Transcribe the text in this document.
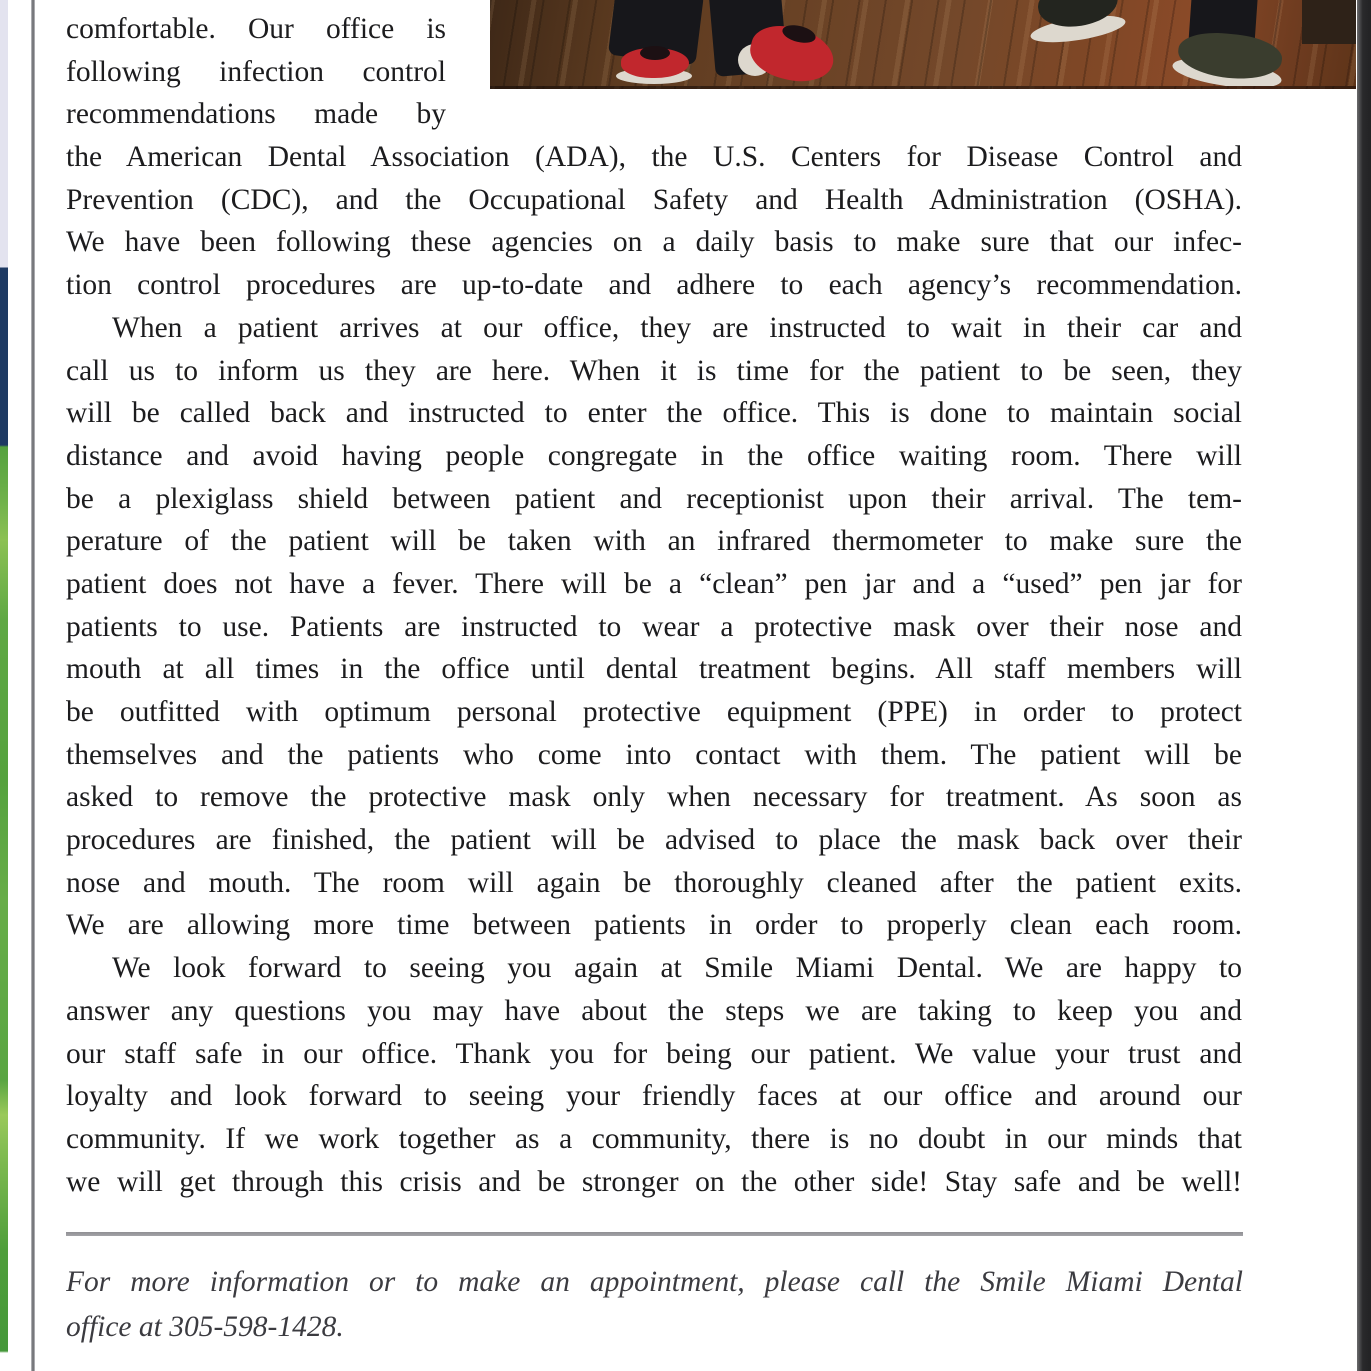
comfortable. Our office is
following infection control
recommendations made by
the American Dental Association (ADA), the U.S. Centers for Disease Control and
Prevention (CDC), and the Occupational Safety and Health Administration (OSHA).
We have been following these agencies on a daily basis to make sure that our infec-
tion control procedures are up-to-date and adhere to each agency’s recommendation.
When a patient arrives at our office, they are instructed to wait in their car and
call us to inform us they are here. When it is time for the patient to be seen, they
will be called back and instructed to enter the office. This is done to maintain social
distance and avoid having people congregate in the office waiting room. There will
be a plexiglass shield between patient and receptionist upon their arrival. The tem-
perature of the patient will be taken with an infrared thermometer to make sure the
patient does not have a fever. There will be a “clean” pen jar and a “used” pen jar for
patients to use. Patients are instructed to wear a protective mask over their nose and
mouth at all times in the office until dental treatment begins. All staff members will
be outfitted with optimum personal protective equipment (PPE) in order to protect
themselves and the patients who come into contact with them. The patient will be
asked to remove the protective mask only when necessary for treatment. As soon as
procedures are finished, the patient will be advised to place the mask back over their
nose and mouth. The room will again be thoroughly cleaned after the patient exits.
We are allowing more time between patients in order to properly clean each room.
We look forward to seeing you again at Smile Miami Dental. We are happy to
answer any questions you may have about the steps we are taking to keep you and
our staff safe in our office. Thank you for being our patient. We value your trust and
loyalty and look forward to seeing your friendly faces at our office and around our
community. If we work together as a community, there is no doubt in our minds that
we will get through this crisis and be stronger on the other side! Stay safe and be well!
For more information or to make an appointment, please call the Smile Miami Dental
office at 305-598-1428.
